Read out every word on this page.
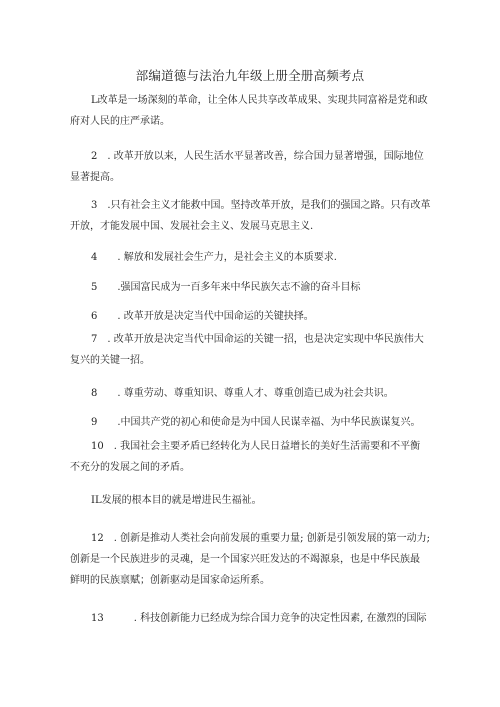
部编道德与法治九年级上册全册高频考点
L改革是一场深刻的革命，让全体人民共享改革成果、实现共同富裕是党和政
府对人民的庄严承诺。
2　. 改革开放以来，人民生活水平显著改善，综合国力显著增强，国际地位
显著提高。
3　.只有社会主义才能救中国。坚持改革开放，是我们的强国之路。只有改革
开放，才能发展中国、发展社会主义、发展马克思主义.
4　　. 解放和发展社会生产力，是社会主义的本质要求.
5　　.强国富民成为一百多年来中华民族矢志不渝的奋斗目标
6　　. 改革开放是决定当代中国命运的关键抉择。
7　. 改革开放是决定当代中国命运的关键一招，也是决定实现中华民族伟大
复兴的关键一招。
8　　. 尊重劳动、尊重知识、尊重人才、尊重创造已成为社会共识。
9　　.中国共产党的初心和使命是为中国人民谋幸福、为中华民族谋复兴。
10　. 我国社会主要矛盾已经转化为人民日益增长的美好生活需要和不平衡
不充分的发展之间的矛盾。
IL发展的根本目的就是增进民生福祉。
12　. 创新是推动人类社会向前发展的重要力量; 创新是引领发展的第一动力;
创新是一个民族进步的灵魂，是一个国家兴旺发达的不竭源泉，也是中华民族最
鲜明的民族禀赋；创新驱动是国家命运所系。
13　　　. 科技创新能力已经成为综合国力竞争的决定性因素, 在激烈的国际
